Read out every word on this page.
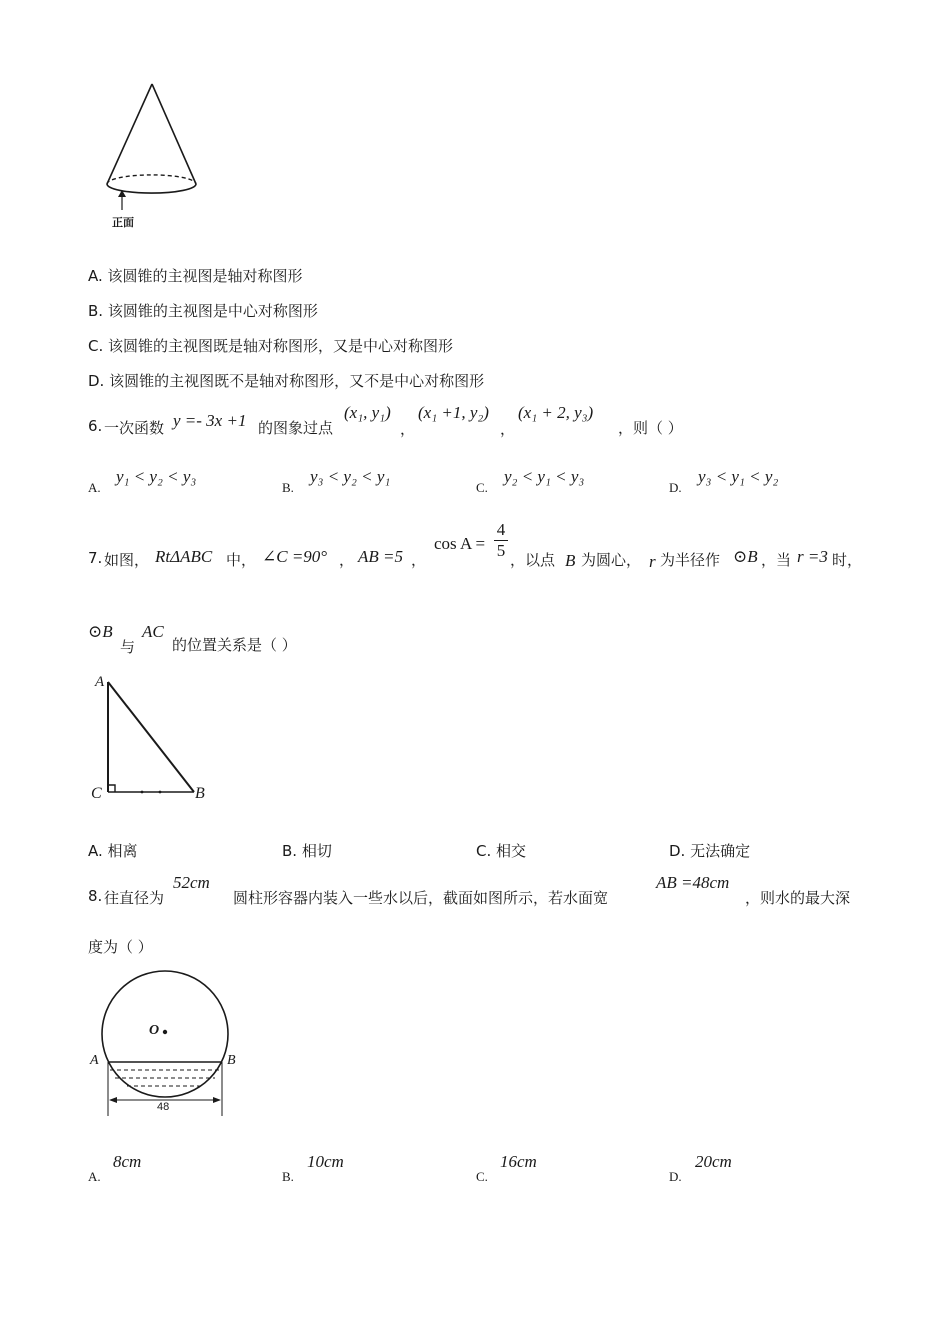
正面
A. 该圆锥的主视图是轴对称图形
B. 该圆锥的主视图是中心对称图形
C. 该圆锥的主视图既是轴对称图形，又是中心对称图形
D. 该圆锥的主视图既不是轴对称图形，又不是中心对称图形
6. 一次函数 y =- 3x +1 的图象过点
(x₁, y₁)
，
(x₁ +1, y₂)
，
(x₁ + 2, y₃)
，则（ ）
A.
y₁ < y₂ < y₃
B.
y₃ < y₂ < y₁
C.
y₂ < y₁ < y₃
D.
y₃ < y₁ < y₂
7. 如图， RtΔABC 中， ∠C =90° ， AB =5 ，
$\cos A = \frac{4}{5}$ ，以点 B 为圆心， r 为半径作 ⊙B ，当 r =3 时，
⊙B
与
AC
的位置关系是（ ）
A
C	B
A. 相离	B. 相切	C. 相交	D. 无法确定
8. 往直径为
52cm
圆柱形容器内装入一些水以后，截面如图所示，若水面宽
AB =48cm
，则水的最大深
度为（ ）
O
A	B
48
A.
8cm
B.
10cm
C.
16cm
D.
20cm
